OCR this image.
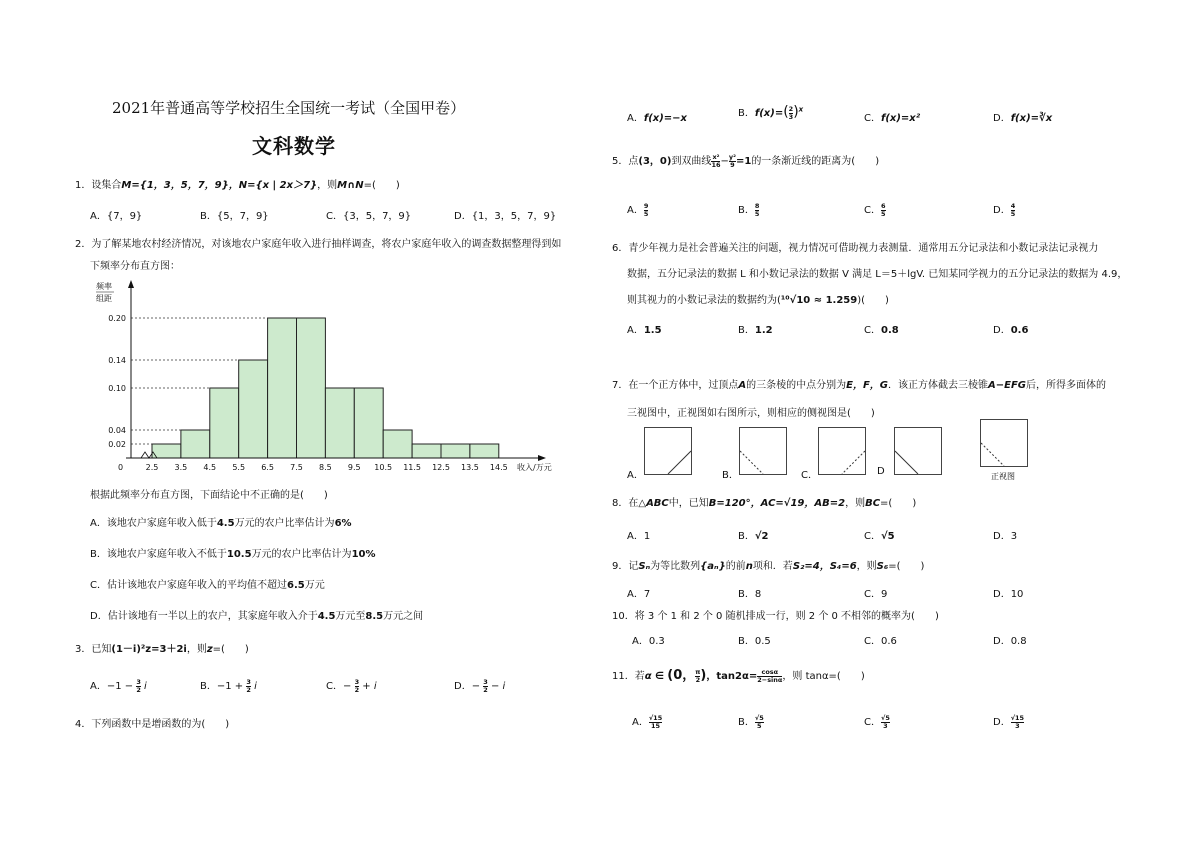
2021年普通高等学校招生全国统一考试（全国甲卷）
文科数学
1．设集合M={1，3，5，7，9}，N={x | 2x＞7}，则M∩N=(　　)
A．{7，9}	B．{5，7，9}	C．{3，5，7，9}	D．{1，3，5，7，9}
2．为了解某地农村经济情况，对该地农户家庭年收入进行抽样调查，将农户家庭年收入的调查数据整理得到如
下频率分布直方图：
0.02
0.04
0.10
0.14
0.20
0	2.5 3.5 4.5 5.5 6.5 7.5 8.5 9.5 10.5 11.5 12.5 13.5 14.5
频率
组距
收入/万元
根据此频率分布直方图，下面结论中不正确的是(　　)
A．该地农户家庭年收入低于4.5万元的农户比率估计为6%
B．该地农户家庭年收入不低于10.5万元的农户比率估计为10%
C．估计该地农户家庭年收入的平均值不超过6.5万元
D．估计该地有一半以上的农户，其家庭年收入介于4.5万元至8.5万元之间
3．已知(1－i)²z=3＋2i，则z=(　　)
A．$-1 - \frac{3}{2}$ i	B．$-1 + \frac{3}{2}$ i	C．− $\frac{3}{2} + i$	D．− $\frac{3}{2} - i$
4．下列函数中是增函数的为(　　)
A．f(x)=−x	B．$f(x)=( \frac{2}{3} )^x$
C．f(x)=x²	D．f(x)=∛x
5．点(3，0)到双曲线 $\frac{\text{x²}}{16} - \frac{\text{y²}}{9} =1$的一条渐近线的距离为(　　)
A． $\frac{9}{5}$	B． $\frac{8}{5}$	C． $\frac{6}{5}$	D． $\frac{4}{5}$
6．青少年视力是社会普遍关注的问题，视力情况可借助视力表测量．通常用五分记录法和小数记录法记录视力
数据，五分记录法的数据 L 和小数记录法的数据 V 满足 L＝5＋lgV. 已知某同学视力的五分记录法的数据为 4.9，
则其视力的小数记录法的数据约为(¹⁰√10 ≈ 1.259)(　　)
A．1.5	B．1.2	C．0.8	D．0.6
7．在一个正方体中，过顶点A的三条棱的中点分别为E，F，G．该正方体截去三棱锥A−EFG后，所得多面体的
三视图中，正视图如右图所示，则相应的侧视图是(　　)
A．	B．	C．	D	正视图
8．在△ABC中，已知B=120°，AC=√19，AB=2，则BC=(　　)
A．1	B．√2	C．√5	D．3
9．记Sₙ为等比数列{aₙ}的前n项和．若S₂=4，S₄=6，则S₆=(　　)
A．7	B．8	C．9	D．10
10．将 3 个 1 和 2 个 0 随机排成一行，则 2 个 0 不相邻的概率为(　　)
A．0.3	B．0.5	C．0.6	D．0.8
11．若α ∈ (0， $\frac{\pi}{2}$ )，$\tan 2\alpha= \frac{\cos\alpha}{2-\sin\alpha}$ ，则 tanα=(　　)
A． $\frac{√15}{15}$	B． $\frac{√5}{5}$	C． $\frac{√5}{3}$	D． $\frac{√15}{3}$
